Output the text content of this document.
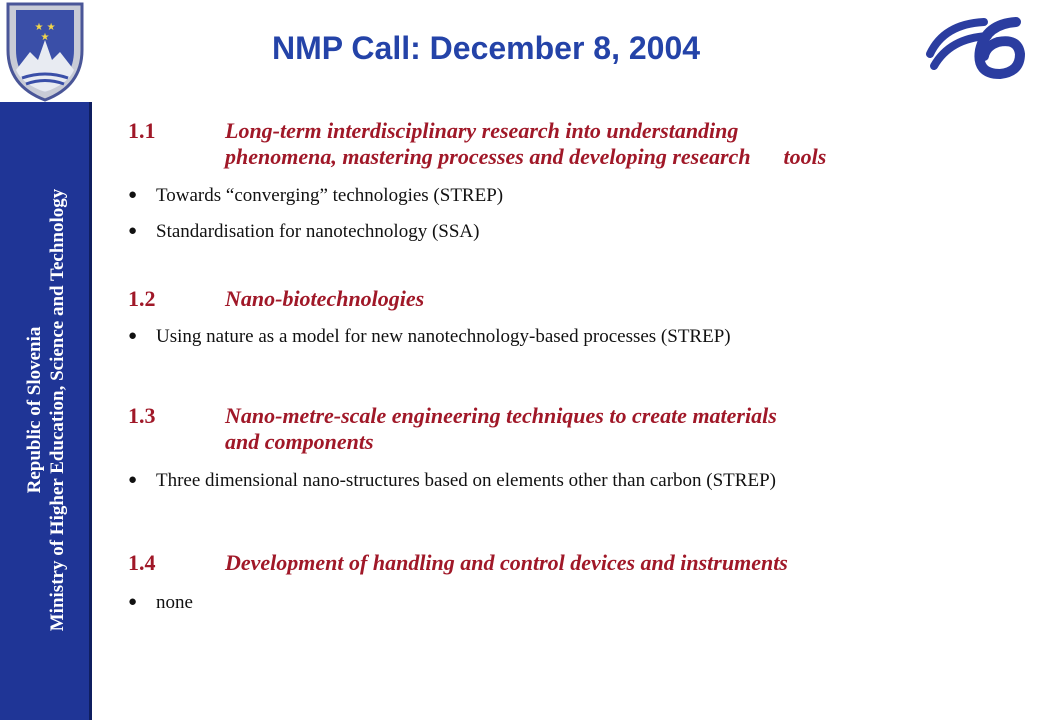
★ ★
★
Republic of Slovenia Ministry of Higher Education, Science and Technology
NMP Call: December 8, 2004
1.1	Long-term interdisciplinary research into understanding
phenomena, mastering processes and developing research      tools
● Towards “converging” technologies (STREP)
● Standardisation for nanotechnology (SSA)
1.2	Nano-biotechnologies
● Using nature as a model for new nanotechnology-based processes (STREP)
1.3	Nano-metre-scale engineering techniques to create materials
and components
● Three dimensional nano-structures based on elements other than carbon (STREP)
1.4	Development of handling and control devices and instruments
● none
